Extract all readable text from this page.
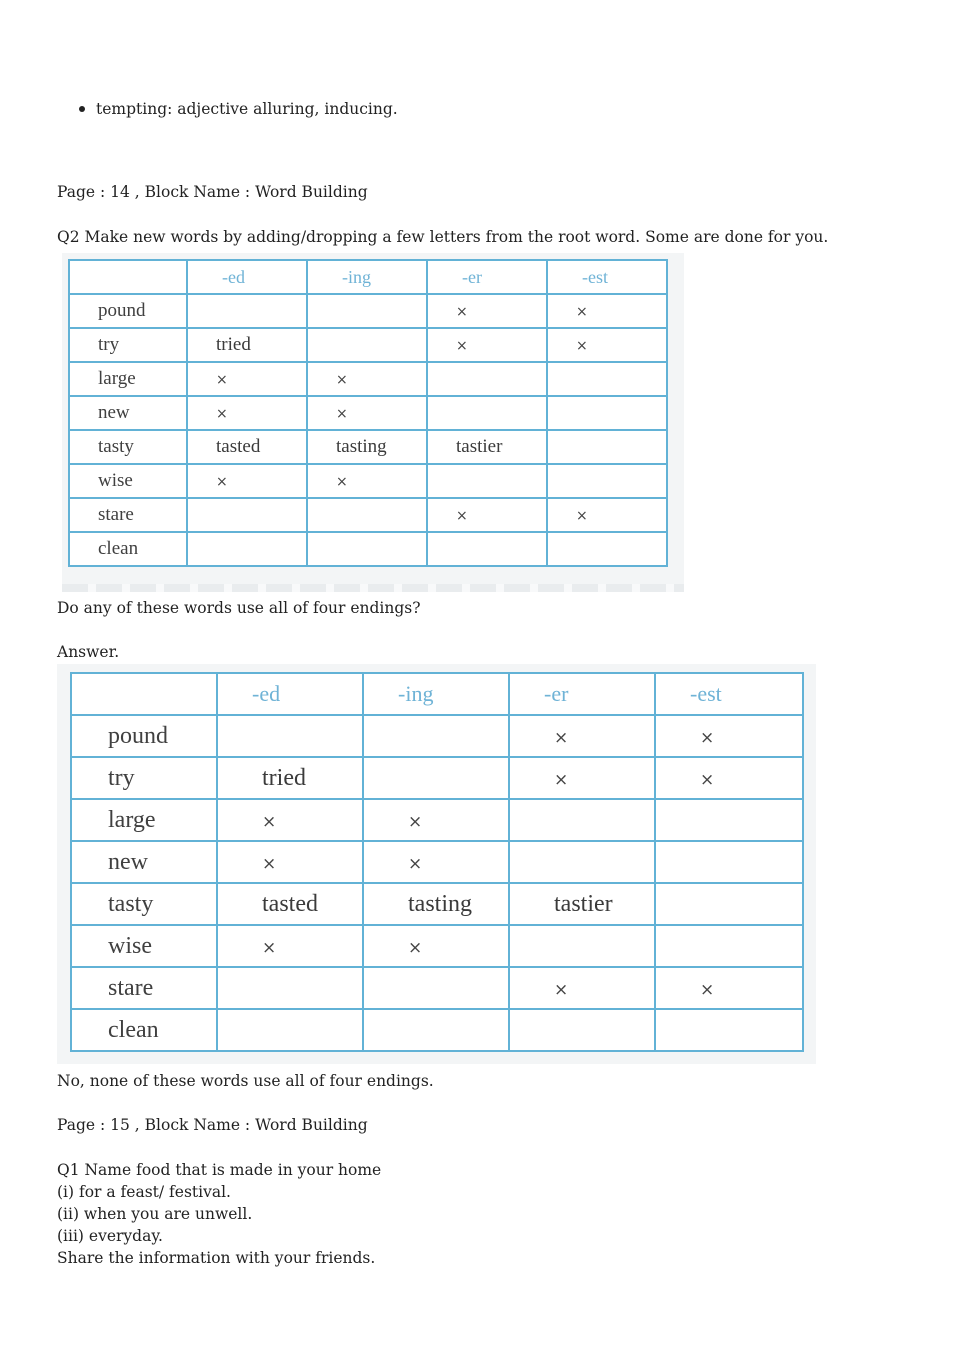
tempting: adjective alluring, inducing.

Page : 14 , Block Name : Word Building

Q2 Make new words by adding/dropping a few letters from the root word. Some are done for you.

	-ed	-ing	-er	-est
pound			×	×
try	tried		×	×
large	×	×		
new	×	×		
tasty	tasted	tasting	tastier	
wise	×	×		
stare			×	×
clean				

Do any of these words use all of four endings?

Answer.

	-ed	-ing	-er	-est
pound			×	×
try	tried		×	×
large	×	×		
new	×	×		
tasty	tasted	tasting	tastier	
wise	×	×		
stare			×	×
clean				

No, none of these words use all of four endings.

Page : 15 , Block Name : Word Building

Q1 Name food that is made in your home
(i) for a feast/ festival.
(ii) when you are unwell.
(iii) everyday.
Share the information with your friends.
